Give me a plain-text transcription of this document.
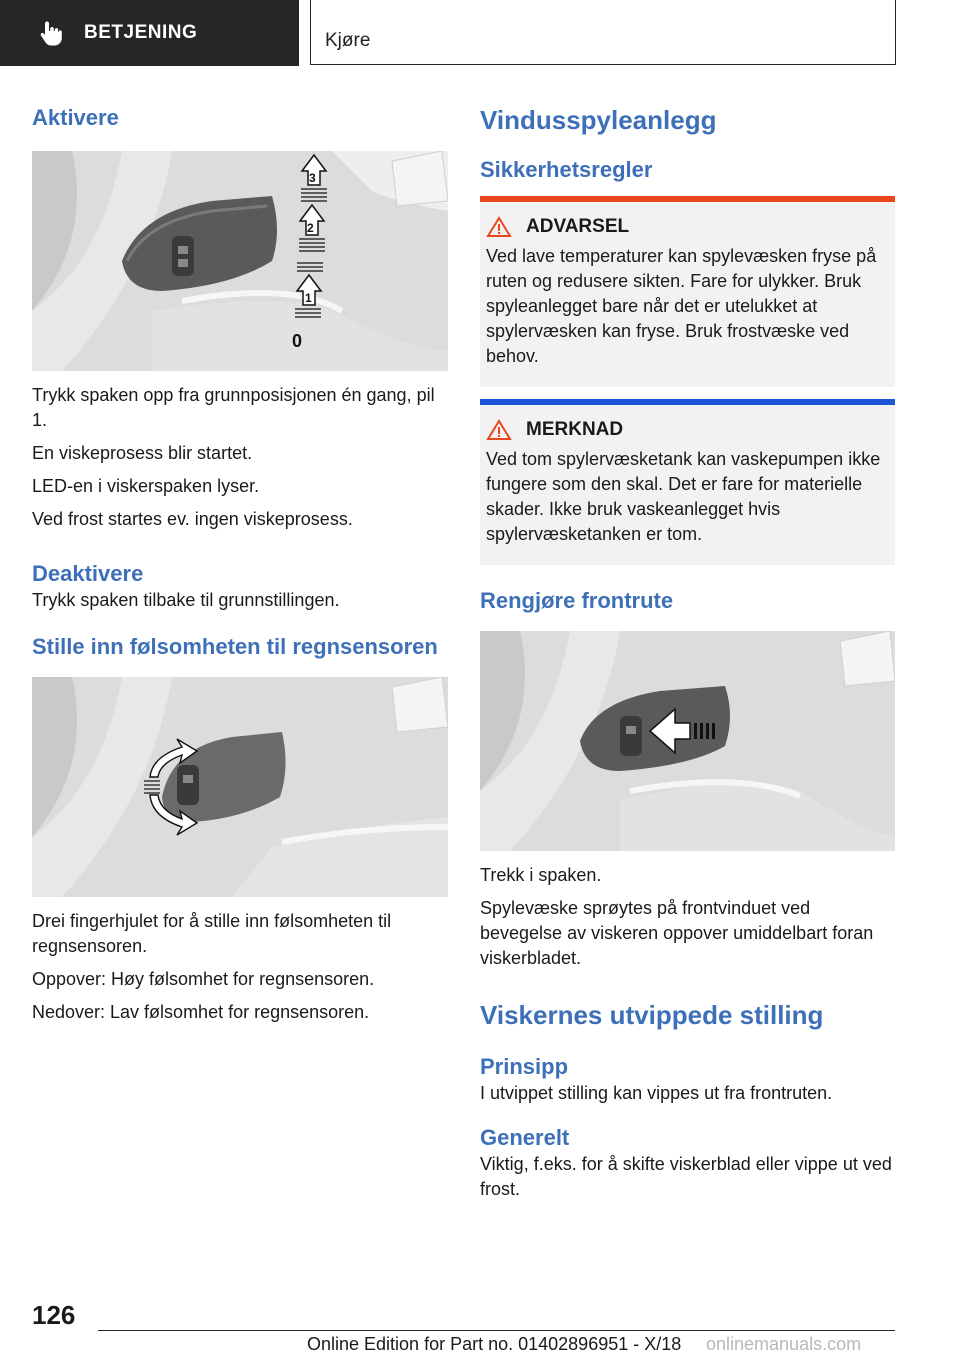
BETJENING	Kjøre
Aktivere
3
2
1
0

Trykk spaken opp fra grunnposisjonen én gang, pil 1.

En viskeprosess blir startet.

LED-en i viskerspaken lyser.

Ved frost startes ev. ingen viskeprosess.

Deaktivere

Trykk spaken tilbake til grunnstillingen.

Stille inn følsomheten til regnsensoren

Drei fingerhjulet for å stille inn følsomheten til regnsensoren.

Oppover: Høy følsomhet for regnsensoren.

Nedover: Lav følsomhet for regnsensoren.

Vindusspyleanlegg
Sikkerhetsregler
ADVARSEL

Ved lave temperaturer kan spylevæsken fryse på ruten og redusere sikten. Fare for ulykker. Bruk spyleanlegget bare når det er utelukket at spylervæsken kan fryse. Bruk frostvæske ved behov.

MERKNAD

Ved tom spylervæsketank kan vaskepumpen ikke fungere som den skal. Det er fare for materielle skader. Ikke bruk vaskeanlegget hvis spylervæsketanken er tom.

Rengjøre frontrute

Trekk i spaken.

Spylevæske sprøytes på frontvinduet ved bevegelse av viskeren oppover umiddelbart foran viskerbladet.

Viskernes utvippede stilling
Prinsipp

I utvippet stilling kan vippes ut fra frontruten.

Generelt

Viktig, f.eks. for å skifte viskerblad eller vippe ut ved frost.

126
Online Edition for Part no. 01402896951 - X/18 onlinemanuals.com
